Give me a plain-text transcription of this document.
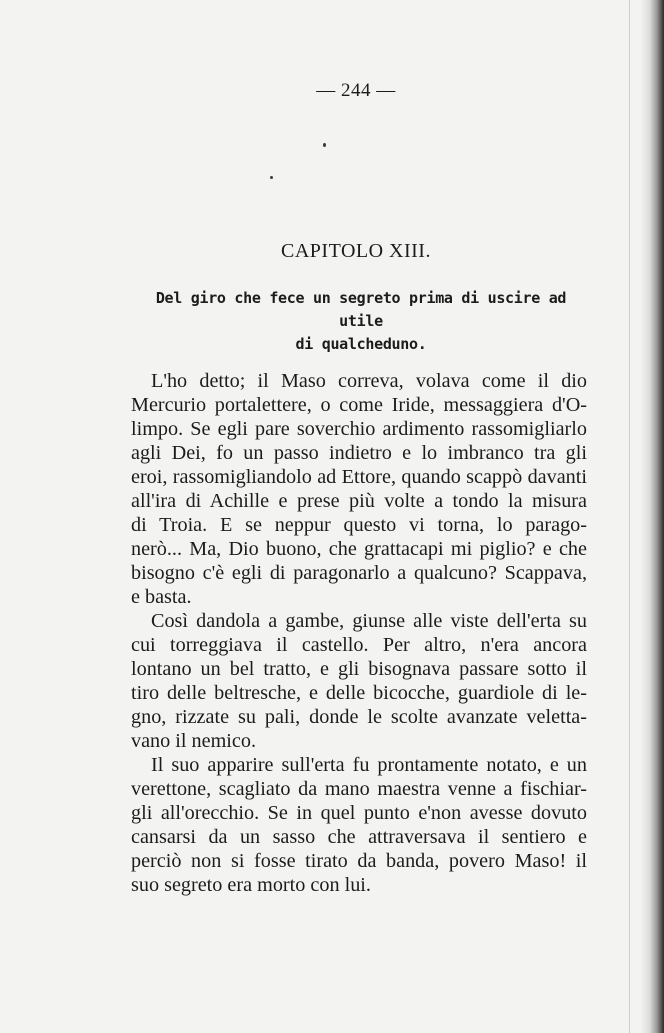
— 244 —
CAPITOLO XIII.
Del giro che fece un segreto prima di uscire ad utile
di qualcheduno.
L'ho detto; il Maso correva, volava come il dio
Mercurio portalettere, o come Iride, messaggiera d'O-
limpo. Se egli pare soverchio ardimento rassomigliarlo
agli Dei, fo un passo indietro e lo imbranco tra gli
eroi, rassomigliandolo ad Ettore, quando scappò davanti
all'ira di Achille e prese più volte a tondo la misura
di Troia. E se neppur questo vi torna, lo parago-
nerò... Ma, Dio buono, che grattacapi mi piglio? e che
bisogno c'è egli di paragonarlo a qualcuno? Scappava,
e basta.
Così dandola a gambe, giunse alle viste dell'erta su
cui torreggiava il castello. Per altro, n'era ancora
lontano un bel tratto, e gli bisognava passare sotto il
tiro delle beltresche, e delle bicocche, guardiole di le-
gno, rizzate su pali, donde le scolte avanzate veletta-
vano il nemico.
Il suo apparire sull'erta fu prontamente notato, e un
verettone, scagliato da mano maestra venne a fischiar-
gli all'orecchio. Se in quel punto e'non avesse dovuto
cansarsi da un sasso che attraversava il sentiero e
perciò non si fosse tirato da banda, povero Maso! il
suo segreto era morto con lui.
